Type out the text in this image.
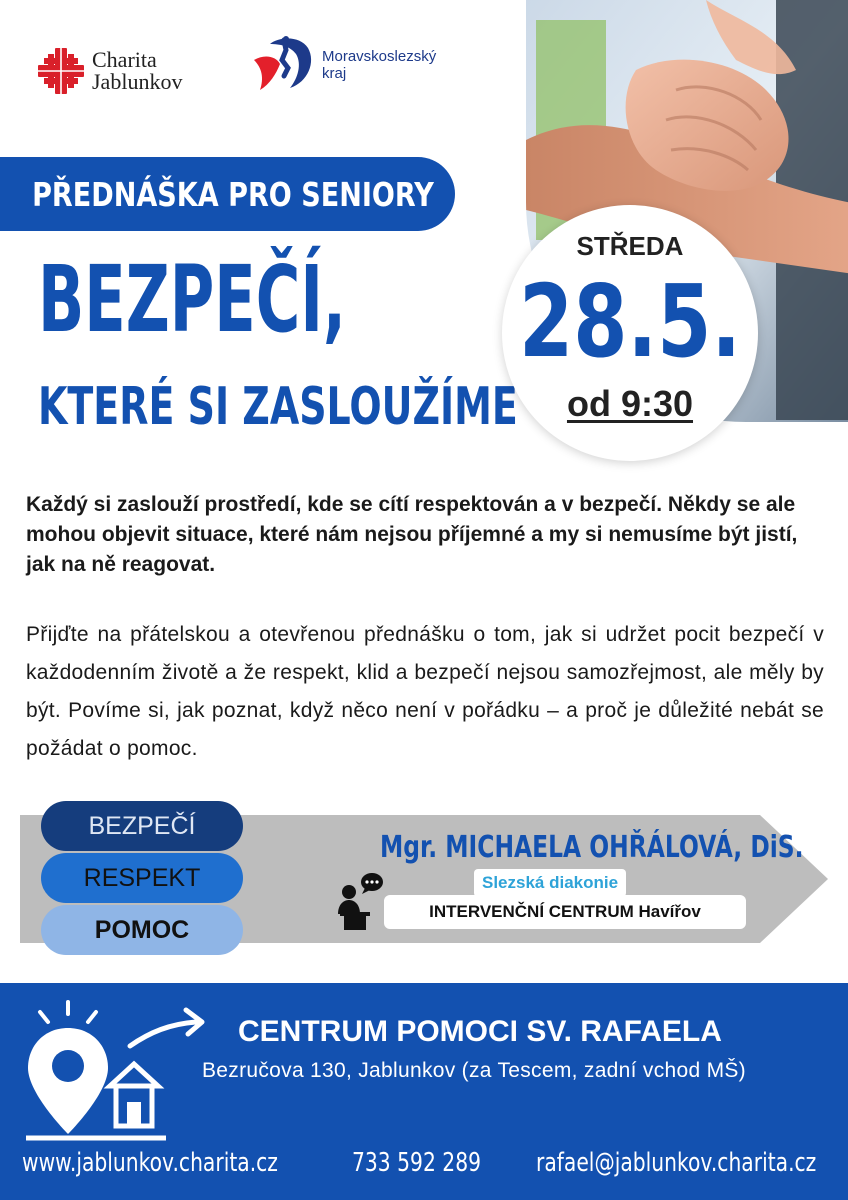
Charita
Jablunkov
Moravskoslezský
kraj
PŘEDNÁŠKA PRO SENIORY
BEZPEČÍ,
KTERÉ SI ZASLOUŽÍME
STŘEDA
28.5.
od 9:30

Každý si zaslouží prostředí, kde se cítí respektován a v bezpečí. Někdy se ale mohou objevit situace, které nám nejsou příjemné a my si nemusíme být jistí, jak na ně reagovat.

Přijďte na přátelskou a otevřenou přednášku o tom, jak si udržet pocit bezpečí v každodenním životě a že respekt, klid a bezpečí nejsou samozřejmost, ale měly by být. Povíme si, jak poznat, když něco není v pořádku – a proč je důležité nebát se požádat o pomoc.

BEZPEČÍ
RESPEKT
POMOC
Mgr. MICHAELA OHŘÁLOVÁ, DiS.
Slezská diakonie
INTERVENČNÍ CENTRUM Havířov
CENTRUM POMOCI SV. RAFAELA
Bezručova 130, Jablunkov (za Tescem, zadní vchod MŠ)
www.jablunkov.charita.cz	733 592 289 rafael@jablunkov.charita.cz
